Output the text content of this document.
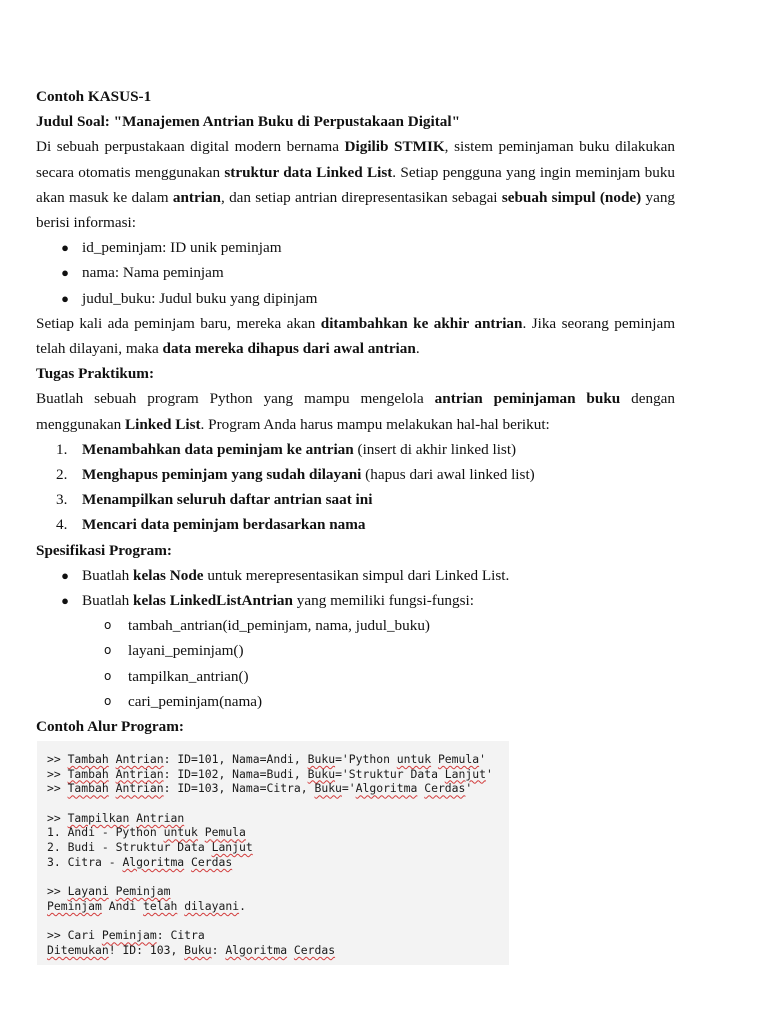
Contoh KASUS-1

Judul Soal: "Manajemen Antrian Buku di Perpustakaan Digital"

Di sebuah perpustakaan digital modern bernama Digilib STMIK, sistem peminjaman buku dilakukan secara otomatis menggunakan struktur data Linked List. Setiap pengguna yang ingin meminjam buku akan masuk ke dalam antrian, dan setiap antrian direpresentasikan sebagai sebuah simpul (node) yang berisi informasi:

● id_peminjam: ID unik peminjam
● nama: Nama peminjam
● judul_buku: Judul buku yang dipinjam

Setiap kali ada peminjam baru, mereka akan ditambahkan ke akhir antrian. Jika seorang peminjam telah dilayani, maka data mereka dihapus dari awal antrian.

Tugas Praktikum:

Buatlah sebuah program Python yang mampu mengelola antrian peminjaman buku dengan menggunakan Linked List. Program Anda harus mampu melakukan hal-hal berikut:

1. Menambahkan data peminjam ke antrian (insert di akhir linked list)
2. Menghapus peminjam yang sudah dilayani (hapus dari awal linked list)
3. Menampilkan seluruh daftar antrian saat ini
4. Mencari data peminjam berdasarkan nama

Spesifikasi Program:

● Buatlah kelas Node untuk merepresentasikan simpul dari Linked List.
● Buatlah kelas LinkedListAntrian yang memiliki fungsi-fungsi:
o tambah_antrian(id_peminjam, nama, judul_buku)
o layani_peminjam()
o tampilkan_antrian()
o cari_peminjam(nama)

Contoh Alur Program:

>> Tambah Antrian: ID=101, Nama=Andi, Buku='Python untuk Pemula'
>> Tambah Antrian: ID=102, Nama=Budi, Buku='Struktur Data Lanjut'
>> Tambah Antrian: ID=103, Nama=Citra, Buku='Algoritma Cerdas'
>> Tampilkan Antrian
1. Andi - Python untuk Pemula
2. Budi - Struktur Data Lanjut
3. Citra - Algoritma Cerdas
>> Layani Peminjam
Peminjam Andi telah dilayani.
>> Cari Peminjam: Citra
Ditemukan! ID: 103, Buku: Algoritma Cerdas
